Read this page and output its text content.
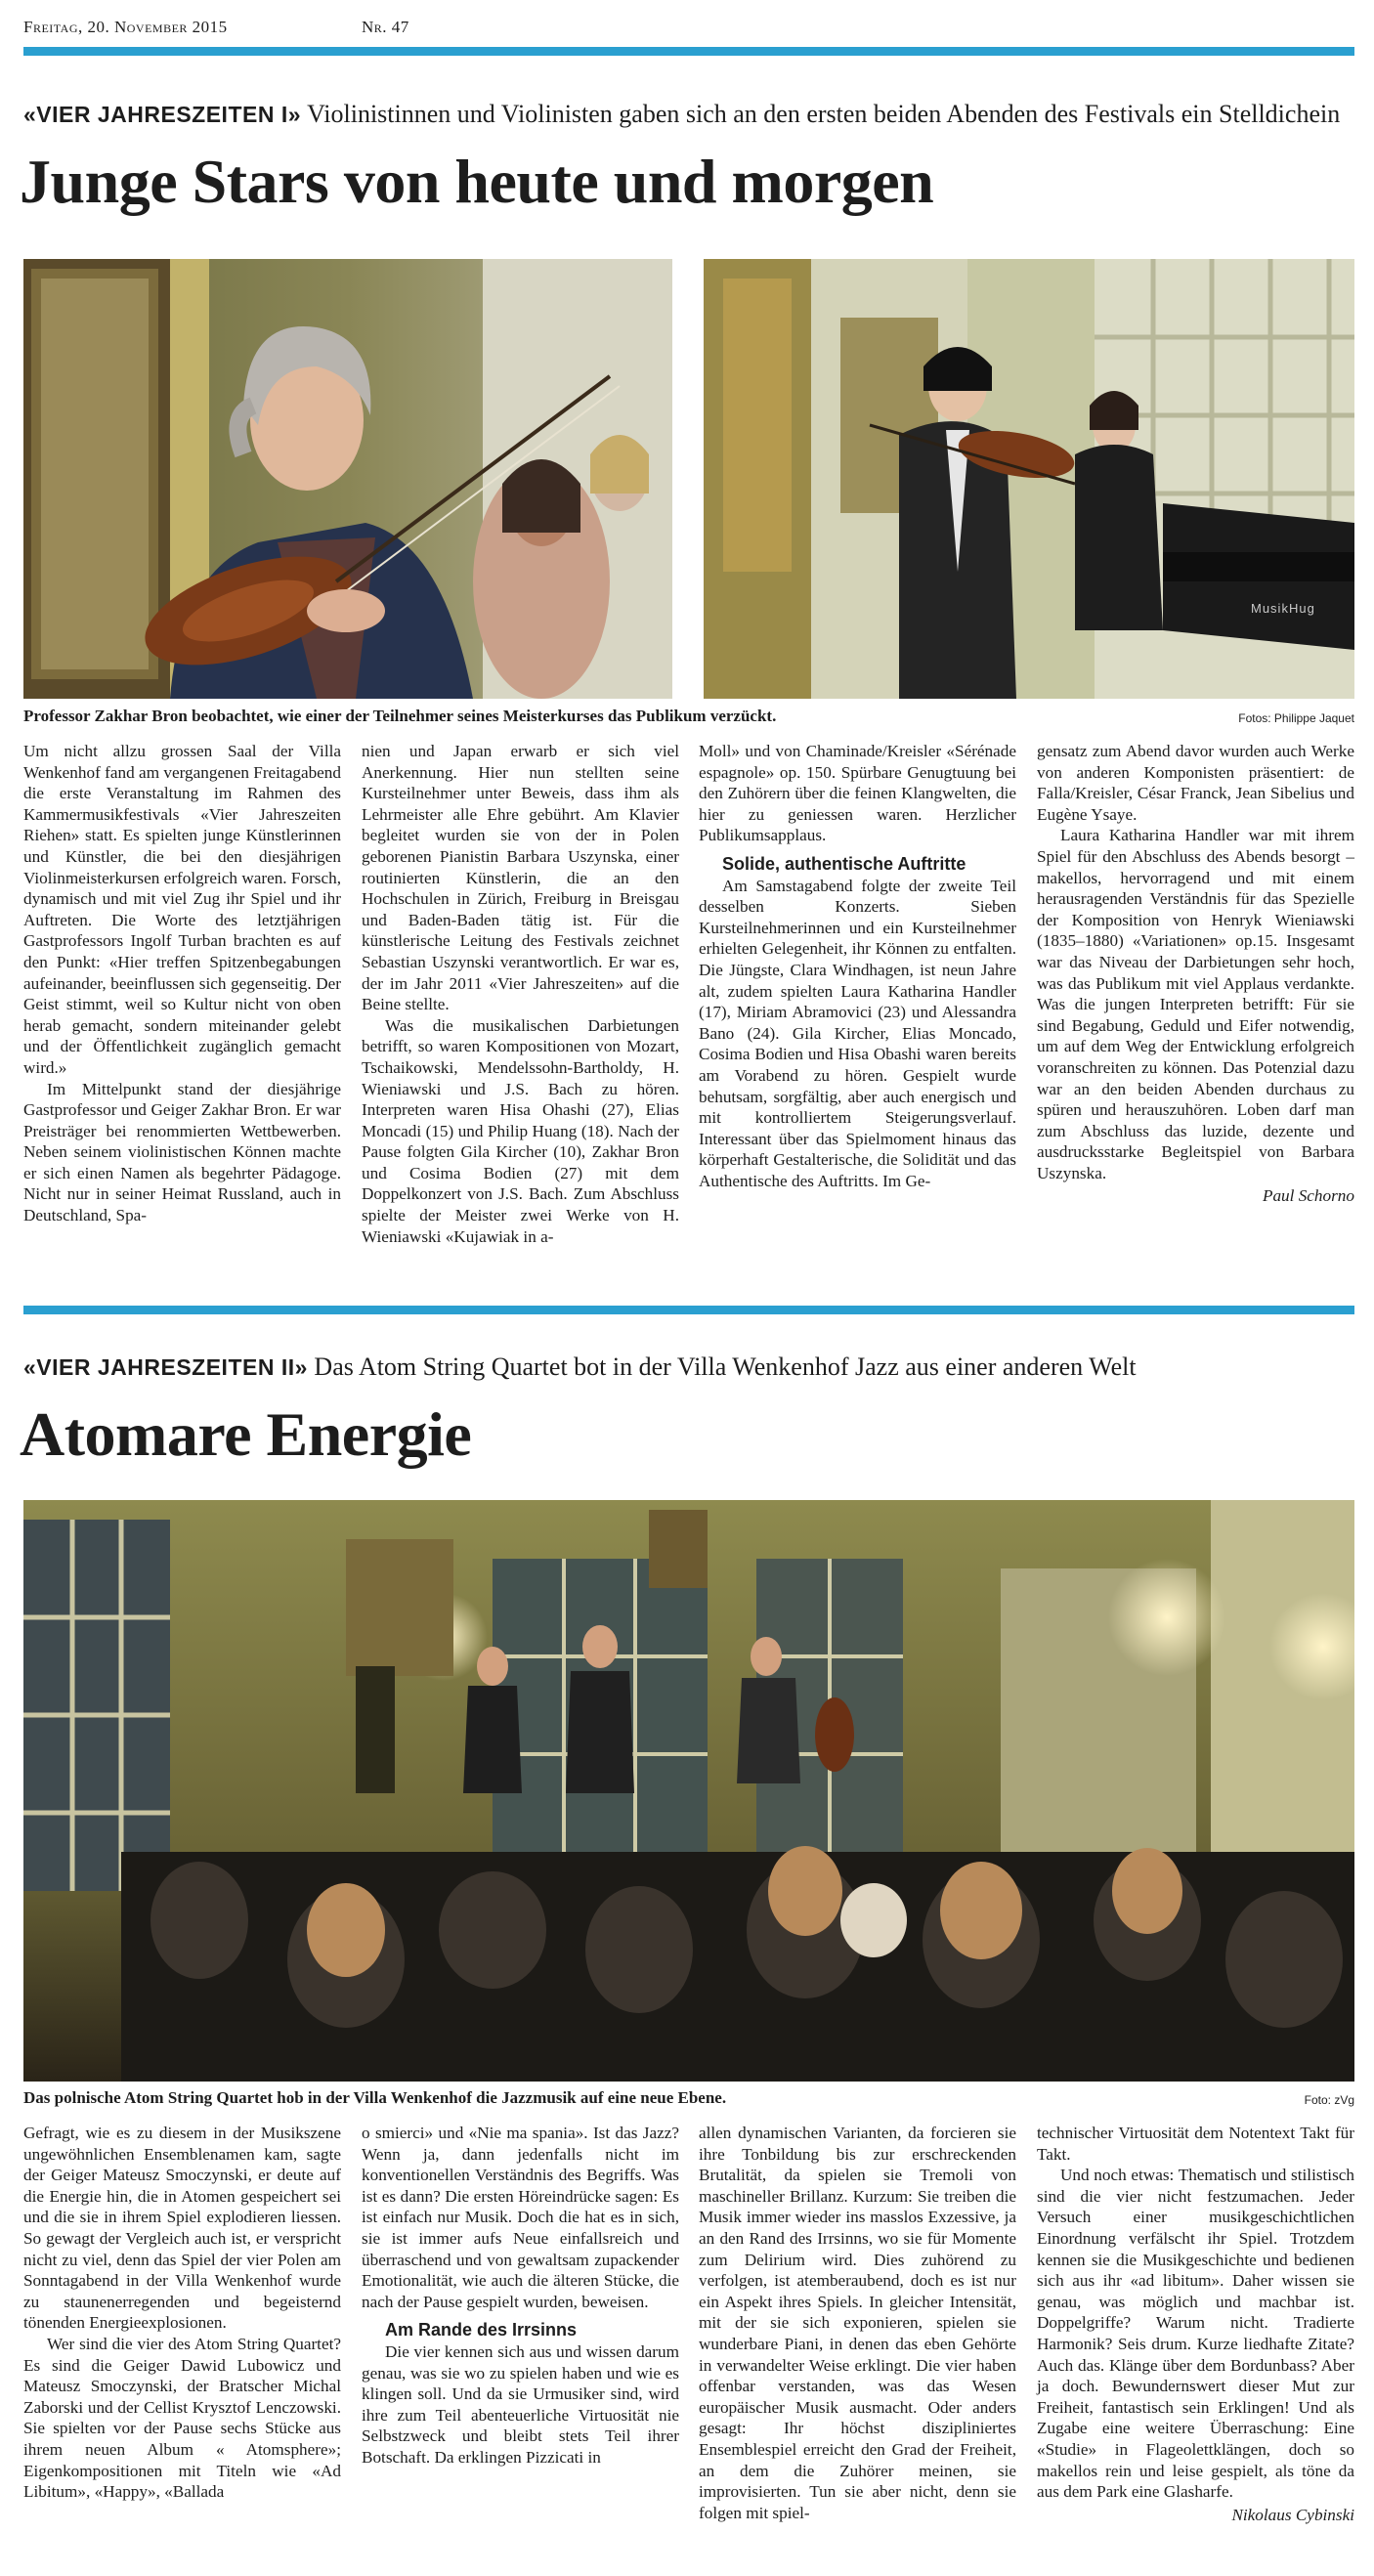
Freitag, 20. November 2015	Nr. 47
«VIER JAHRESZEITEN I» Violinistinnen und Violinisten gaben sich an den ersten beiden Abenden des Festivals ein Stelldichein
Junge Stars von heute und morgen
MusikHug
Professor Zakhar Bron beobachtet, wie einer der Teilnehmer seines Meisterkurses das Publikum verzückt.	Fotos: Philippe Jaquet

Um nicht allzu grossen Saal der Villa Wenkenhof fand am vergangenen Freitagabend die erste Veranstaltung im Rahmen des Kammermusikfestivals «Vier Jahreszeiten Riehen» statt. Es spielten junge Künstlerinnen und Künstler, die bei den diesjährigen Violinmeisterkursen erfolgreich waren. Forsch, dynamisch und mit viel Zug ihr Spiel und ihr Auftreten. Die Worte des letztjährigen Gastprofessors Ingolf Turban brachten es auf den Punkt: «Hier treffen Spitzenbegabungen aufeinander, beeinflussen sich gegenseitig. Der Geist stimmt, weil so Kultur nicht von oben herab gemacht, sondern miteinander gelebt und der Öffentlichkeit zugänglich gemacht wird.»

Im Mittelpunkt stand der diesjährige Gastprofessor und Geiger Zakhar Bron. Er war Preisträger bei renommierten Wettbewerben. Neben seinem violinistischen Können machte er sich einen Namen als begehrter Pädagoge. Nicht nur in seiner Heimat Russland, auch in Deutschland, Spa-

nien und Japan erwarb er sich viel Anerkennung. Hier nun stellten seine Kursteilnehmer unter Beweis, dass ihm als Lehrmeister alle Ehre gebührt. Am Klavier begleitet wurden sie von der in Polen geborenen Pianistin Barbara Uszynska, einer routinierten Künstlerin, die an den Hochschulen in Zürich, Freiburg in Breisgau und Baden-Baden tätig ist. Für die künstlerische Leitung des Festivals zeichnet Sebastian Uszynski verantwortlich. Er war es, der im Jahr 2011 «Vier Jahreszeiten» auf die Beine stellte.

Was die musikalischen Darbietungen betrifft, so waren Kompositionen von Mozart, Tschaikowski, Mendelssohn-Bartholdy, H. Wieniawski und J.S. Bach zu hören. Interpreten waren Hisa Ohashi (27), Elias Moncadi (15) und Philip Huang (18). Nach der Pause folgten Gila Kircher (10), Zakhar Bron und Cosima Bodien (27) mit dem Doppelkonzert von J.S. Bach. Zum Abschluss spielte der Meister zwei Werke von H. Wieniawski «Kujawiak in a-

Moll» und von Chaminade/Kreisler «Sérénade espagnole» op. 150. Spürbare Genugtuung bei den Zuhörern über die feinen Klangwelten, die hier zu geniessen waren. Herzlicher Publikumsapplaus.

Solide, authentische Auftritte

Am Samstagabend folgte der zweite Teil desselben Konzerts. Sieben Kursteilnehmerinnen und ein Kursteilnehmer erhielten Gelegenheit, ihr Können zu entfalten. Die Jüngste, Clara Windhagen, ist neun Jahre alt, zudem spielten Laura Katharina Handler (17), Miriam Abramovici (23) und Alessandra Bano (24). Gila Kircher, Elias Moncado, Cosima Bodien und Hisa Obashi waren bereits am Vorabend zu hören. Gespielt wurde behutsam, sorgfältig, aber auch energisch und mit kontrolliertem Steigerungsverlauf. Interessant über das Spielmoment hinaus das körperhaft Gestalterische, die Solidität und das Authentische des Auftritts. Im Ge-

gensatz zum Abend davor wurden auch Werke von anderen Komponisten präsentiert: de Falla/Kreisler, César Franck, Jean Sibelius und Eugène Ysaye.

Laura Katharina Handler war mit ihrem Spiel für den Abschluss des Abends besorgt – makellos, hervorragend und mit einem herausragenden Verständnis für das Spezielle der Komposition von Henryk Wieniawski (1835–1880) «Variationen» op.15. Insgesamt war das Niveau der Darbietungen sehr hoch, was das Publikum mit viel Applaus verdankte. Was die jungen Interpreten betrifft: Für sie sind Begabung, Geduld und Eifer notwendig, um auf dem Weg der Entwicklung erfolgreich voranschreiten zu können. Das Potenzial dazu war an den beiden Abenden durchaus zu spüren und herauszuhören. Loben darf man zum Abschluss das luzide, dezente und ausdrucksstarke Begleitspiel von Barbara Uszynska.

Paul Schorno
«VIER JAHRESZEITEN II» Das Atom String Quartet bot in der Villa Wenkenhof Jazz aus einer anderen Welt
Atomare Energie
Das polnische Atom String Quartet hob in der Villa Wenkenhof die Jazzmusik auf eine neue Ebene.	Foto: zVg

Gefragt, wie es zu diesem in der Musikszene ungewöhnlichen Ensemblenamen kam, sagte der Geiger Mateusz Smoczynski, er deute auf die Energie hin, die in Atomen gespeichert sei und die sie in ihrem Spiel explodieren liessen. So gewagt der Vergleich auch ist, er verspricht nicht zu viel, denn das Spiel der vier Polen am Sonntagabend in der Villa Wenkenhof wurde zu staunenerregenden und begeisternd tönenden Energieexplosionen.

Wer sind die vier des Atom String Quartet? Es sind die Geiger Dawid Lubowicz und Mateusz Smoczynski, der Bratscher Michal Zaborski und der Cellist Krysztof Lenczowski. Sie spielten vor der Pause sechs Stücke aus ihrem neuen Album « Atomsphere»; Eigenkompositionen mit Titeln wie «Ad Libitum», «Happy», «Ballada

o smierci» und «Nie ma spania». Ist das Jazz? Wenn ja, dann jedenfalls nicht im konventionellen Verständnis des Begriffs. Was ist es dann? Die ersten Höreindrücke sagen: Es ist einfach nur Musik. Doch die hat es in sich, sie ist immer aufs Neue einfallsreich und überraschend und von gewaltsam zupackender Emotionalität, wie auch die älteren Stücke, die nach der Pause gespielt wurden, beweisen.

Am Rande des Irrsinns

Die vier kennen sich aus und wissen darum genau, was sie wo zu spielen haben und wie es klingen soll. Und da sie Urmusiker sind, wird ihre zum Teil abenteuerliche Virtuosität nie Selbstzweck und bleibt stets Teil ihrer Botschaft. Da erklingen Pizzicati in

allen dynamischen Varianten, da forcieren sie ihre Tonbildung bis zur erschreckenden Brutalität, da spielen sie Tremoli von maschineller Brillanz. Kurzum: Sie treiben die Musik immer wieder ins masslos Exzessive, ja an den Rand des Irrsinns, wo sie für Momente zum Delirium wird. Dies zuhörend zu verfolgen, ist atemberaubend, doch es ist nur ein Aspekt ihres Spiels. In gleicher Intensität, mit der sie sich exponieren, spielen sie wunderbare Piani, in denen das eben Gehörte in verwandelter Weise erklingt. Die vier haben offenbar verstanden, was das Wesen europäischer Musik ausmacht. Oder anders gesagt: Ihr höchst diszipliniertes Ensemblespiel erreicht den Grad der Freiheit, an dem die Zuhörer meinen, sie improvisierten. Tun sie aber nicht, denn sie folgen mit spiel-

technischer Virtuosität dem Notentext Takt für Takt.

Und noch etwas: Thematisch und stilistisch sind die vier nicht festzumachen. Jeder Versuch einer musikgeschichtlichen Einordnung verfälscht ihr Spiel. Trotzdem kennen sie die Musikgeschichte und bedienen sich aus ihr «ad libitum». Daher wissen sie genau, was möglich und machbar ist. Doppelgriffe? Warum nicht. Tradierte Harmonik? Seis drum. Kurze liedhafte Zitate? Auch das. Klänge über dem Bordunbass? Aber ja doch. Bewundernswert dieser Mut zur Freiheit, fantastisch sein Erklingen! Und als Zugabe eine weitere Überraschung: Eine «Studie» in Flageolettklängen, doch so makellos rein und leise gespielt, als töne da aus dem Park eine Glasharfe.

Nikolaus Cybinski
